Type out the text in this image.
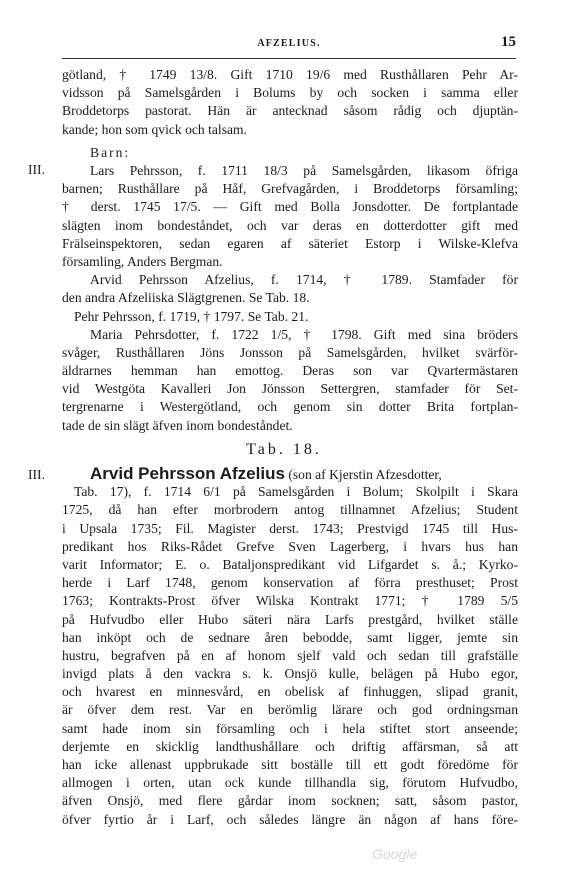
AFZELIUS.	15
götland, † 1749 13/8. Gift 1710 19/6 med Rusthållaren Pehr Ar-
vidsson på Samelsgården i Bolums by och socken i samma eller
Broddetorps pastorat. Hän är antecknad såsom rådig och djuptän-
kande; hon som qvick och talsam.
Barn:
III.	Lars Pehrsson, f. 1711 18/3 på Samelsgården, likasom öfriga
barnen; Rusthållare på Håf, Grefvagården, i Broddetorps församling;
† derst. 1745 17/5. — Gift med Bolla Jonsdotter. De fortplantade
slägten inom bondeståndet, och var deras en dotterdotter gift med
Frälseinspektoren, sedan egaren af säteriet Estorp i Wilske-Klefva
församling, Anders Bergman.
Arvid Pehrsson Afzelius, f. 1714, † 1789. Stamfader för
den andra Afzeliiska Slägtgrenen. Se Tab. 18.
Pehr Pehrsson, f. 1719, † 1797. Se Tab. 21.
Maria Pehrsdotter, f. 1722 1/5, † 1798. Gift med sina bröders
svåger, Rusthållaren Jöns Jonsson på Samelsgården, hvilket svärför-
äldrarnes hemman han emottog. Deras son var Qvartermästaren
vid Westgöta Kavalleri Jon Jönsson Settergren, stamfader för Set-
tergrenarne i Westergötland, och genom sin dotter Brita fortplan-
tade de sin slägt äfven inom bondeståndet.
Tab. 18.
III.	Arvid Pehrsson Afzelius (son af Kjerstin Afzesdotter,
Tab. 17), f. 1714 6/1 på Samelsgården i Bolum; Skolpilt i Skara
1725, då han efter morbrodern antog tillnamnet Afzelius; Student
i Upsala 1735; Fil. Magister derst. 1743; Prestvigd 1745 till Hus-
predikant hos Riks-Rådet Grefve Sven Lagerberg, i hvars hus han
varit Informator; E. o. Bataljonspredikant vid Lifgardet s. å.; Kyrko-
herde i Larf 1748, genom konservation af förra presthuset; Prost
1763; Kontrakts-Prost öfver Wilska Kontrakt 1771; † 1789 5/5
på Hufvudbo eller Hubo säteri nära Larfs prestgård, hvilket ställe
han inköpt och de sednare åren bebodde, samt ligger, jemte sin
hustru, begrafven på en af honom sjelf vald och sedan till grafställe
invigd plats å den vackra s. k. Onsjö kulle, belägen på Hubo egor,
och hvarest en minnesvård, en obelisk af finhuggen, slipad granit,
är öfver dem rest. Var en berömlig lärare och god ordningsman
samt hade inom sin församling och i hela stiftet stort anseende;
derjemte en skicklig landthushållare och driftig affärsman, så att
han icke allenast uppbrukade sitt boställe till ett godt föredöme för
allmogen i orten, utan ock kunde tillhandla sig, förutom Hufvudbo,
äfven Onsjö, med flere gårdar inom socknen; satt, såsom pastor,
öfver fyrtio år i Larf, och således längre än någon af hans före-
Google
